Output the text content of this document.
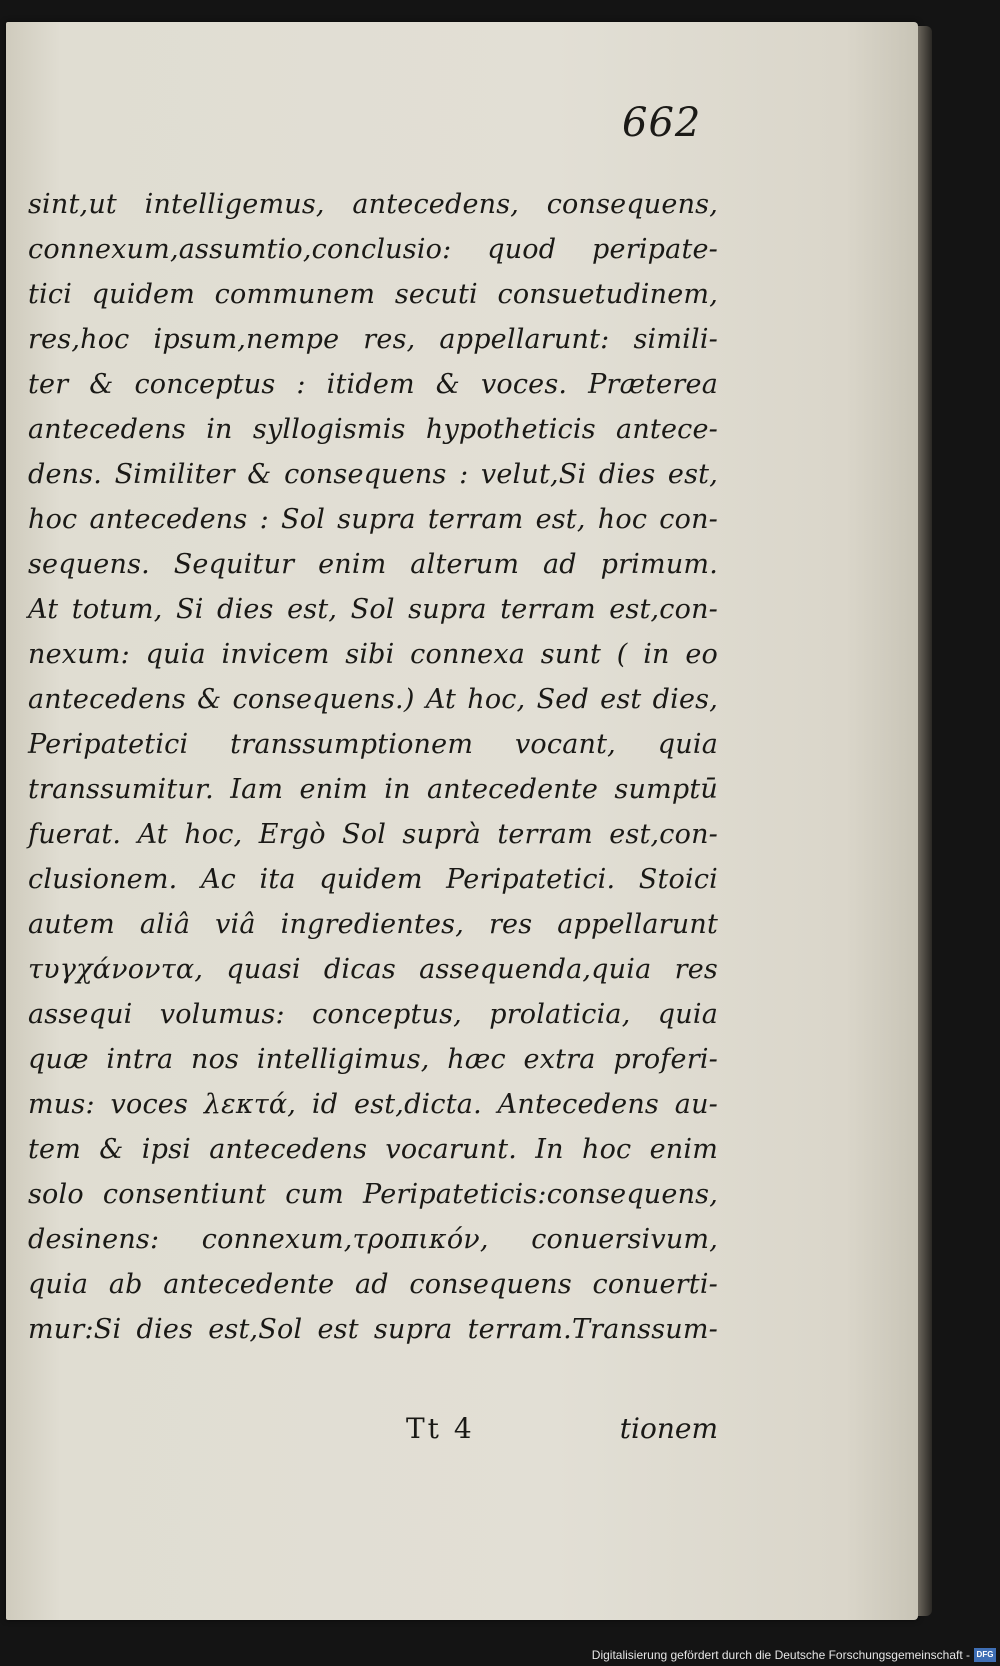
662
sint,ut intelligemus, antecedens, consequens,
connexum,assumtio,conclusio: quod peripate-
tici quidem communem secuti consuetudinem,
res,hoc ipsum,nempe res, appellarunt: simili-
ter & conceptus : itidem & voces. Præterea
antecedens in syllogismis hypotheticis antece-
dens. Similiter & consequens : velut,Si dies est,
hoc antecedens : Sol supra terram est, hoc con-
sequens. Sequitur enim alterum ad primum.
At totum, Si dies est, Sol supra terram est,con-
nexum: quia invicem sibi connexa sunt ( in eo
antecedens & consequens.) At hoc, Sed est dies,
Peripatetici transsumptionem vocant, quia
transsumitur. Iam enim in antecedente sumptū
fuerat. At hoc, Ergò Sol suprà terram est,con-
clusionem. Ac ita quidem Peripatetici. Stoici
autem aliâ viâ ingredientes, res appellarunt
τυγχάνοντα, quasi dicas assequenda,quia res
assequi volumus: conceptus, prolaticia, quia
quæ intra nos intelligimus, hæc extra proferi-
mus: voces λεκτά, id est,dicta. Antecedens au-
tem & ipsi antecedens vocarunt. In hoc enim
solo consentiunt cum Peripateticis:consequens,
desinens: connexum,τροπικόν, conuersivum,
quia ab antecedente ad consequens conuerti-
mur:Si dies est,Sol est supra terram.Transsum-
Tt 4	tionem
Digitalisierung gefördert durch die Deutsche Forschungsgemeinschaft - DFG
